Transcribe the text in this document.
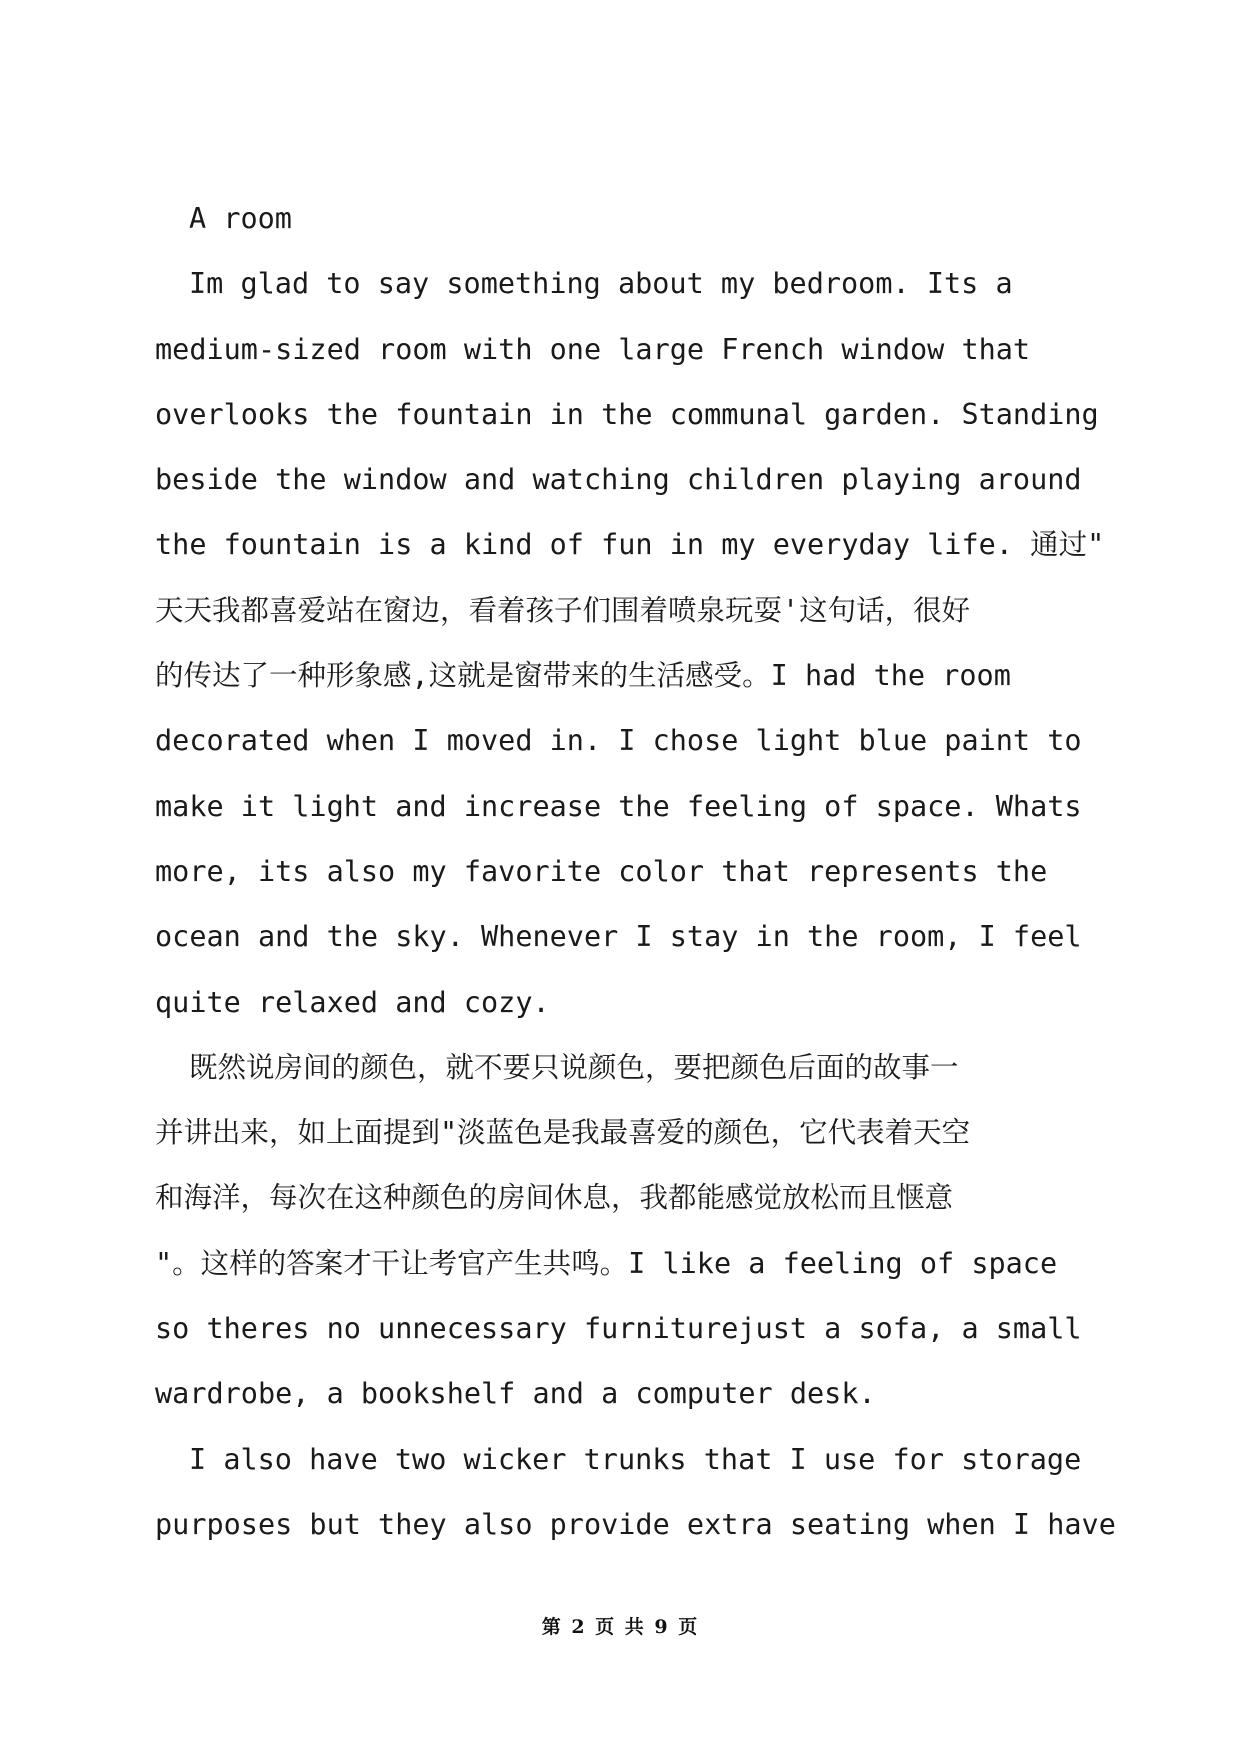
A room
Im glad to say something about my bedroom. Its a
medium-sized room with one large French window that
overlooks the fountain in the communal garden. Standing
beside the window and watching children playing around
the fountain is a kind of fun in my everyday life. 通过"
天天我都喜爱站在窗边，看着孩子们围着喷泉玩耍'这句话，很好
的传达了一种形象感,这就是窗带来的生活感受。I had the room
decorated when I moved in. I chose light blue paint to
make it light and increase the feeling of space. Whats
more, its also my favorite color that represents the
ocean and the sky. Whenever I stay in the room, I feel
quite relaxed and cozy.
既然说房间的颜色，就不要只说颜色，要把颜色后面的故事一
并讲出来，如上面提到"淡蓝色是我最喜爱的颜色，它代表着天空
和海洋，每次在这种颜色的房间休息，我都能感觉放松而且惬意
"。这样的答案才干让考官产生共鸣。I like a feeling of space
so theres no unnecessary furniturejust a sofa, a small
wardrobe, a bookshelf and a computer desk.
I also have two wicker trunks that I use for storage
purposes but they also provide extra seating when I have
第 2 页 共 9 页
